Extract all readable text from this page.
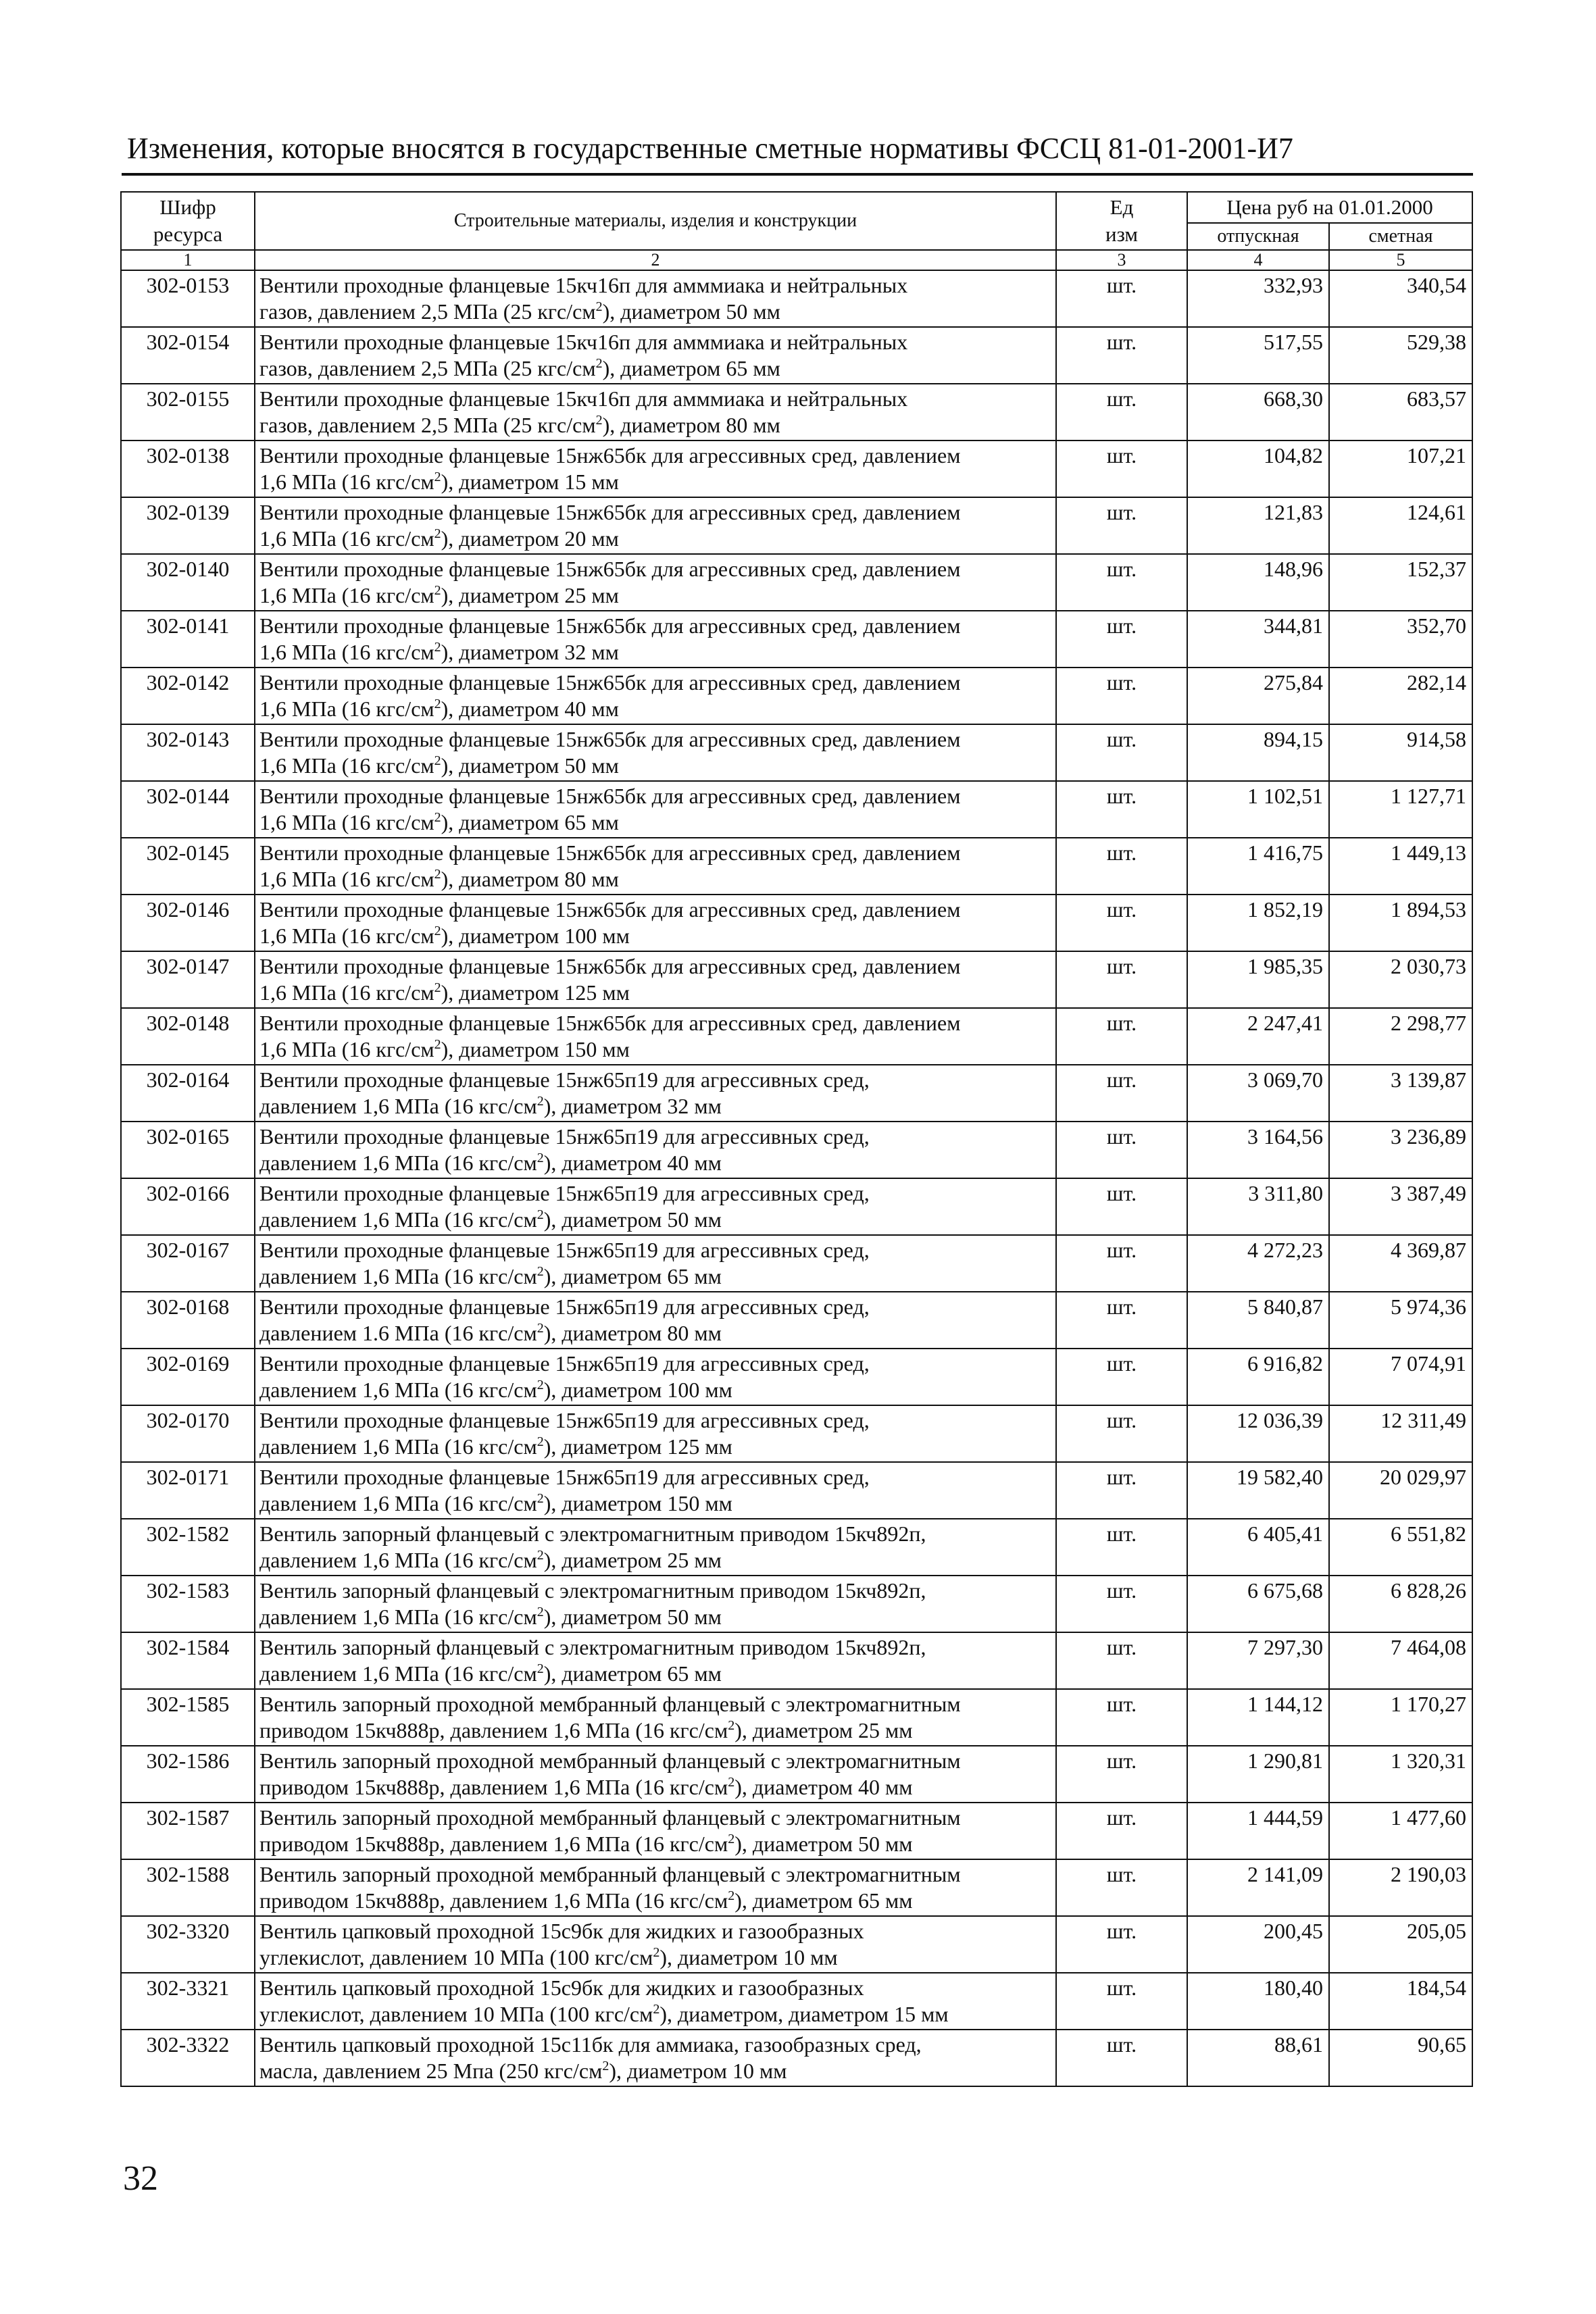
Изменения, которые вносятся в государственные сметные нормативы ФССЦ 81-01-2001-И7
Шифр
ресурса	Строительные материалы, изделия и конструкции	Ед
изм	Цена руб на 01.01.2000	
			отпускная	сметная
1	2	3	4	5
302-0153	Вентили проходные фланцевые 15кч16п для амммиака и нейтральных
газов, давлением 2,5 МПа (25 кгс/$см^2$), диаметром 50 мм	шт.	332,93	340,54
302-0154	Вентили проходные фланцевые 15кч16п для амммиака и нейтральных
газов, давлением 2,5 МПа (25 кгс/$см^2$), диаметром 65 мм	шт.	517,55	529,38
302-0155	Вентили проходные фланцевые 15кч16п для амммиака и нейтральных
газов, давлением 2,5 МПа (25 кгс/$см^2$), диаметром 80 мм	шт.	668,30	683,57
302-0138	Вентили проходные фланцевые 15нж65бк для агрессивных сред, давлением
1,6 МПа (16 кгс/$см^2$), диаметром 15 мм	шт.	104,82	107,21
302-0139	Вентили проходные фланцевые 15нж65бк для агрессивных сред, давлением
1,6 МПа (16 кгс/$см^2$), диаметром 20 мм	шт.	121,83	124,61
302-0140	Вентили проходные фланцевые 15нж65бк для агрессивных сред, давлением
1,6 МПа (16 кгс/$см^2$), диаметром 25 мм	шт.	148,96	152,37
302-0141	Вентили проходные фланцевые 15нж65бк для агрессивных сред, давлением
1,6 МПа (16 кгс/$см^2$), диаметром 32 мм	шт.	344,81	352,70
302-0142	Вентили проходные фланцевые 15нж65бк для агрессивных сред, давлением
1,6 МПа (16 кгс/$см^2$), диаметром 40 мм	шт.	275,84	282,14
302-0143	Вентили проходные фланцевые 15нж65бк для агрессивных сред, давлением
1,6 МПа (16 кгс/$см^2$), диаметром 50 мм	шт.	894,15	914,58
302-0144	Вентили проходные фланцевые 15нж65бк для агрессивных сред, давлением
1,6 МПа (16 кгс/$см^2$), диаметром 65 мм	шт.	1 102,51	1 127,71
302-0145	Вентили проходные фланцевые 15нж65бк для агрессивных сред, давлением
1,6 МПа (16 кгс/$см^2$), диаметром 80 мм	шт.	1 416,75	1 449,13
302-0146	Вентили проходные фланцевые 15нж65бк для агрессивных сред, давлением
1,6 МПа (16 кгс/$см^2$), диаметром 100 мм	шт.	1 852,19	1 894,53
302-0147	Вентили проходные фланцевые 15нж65бк для агрессивных сред, давлением
1,6 МПа (16 кгс/$см^2$), диаметром 125 мм	шт.	1 985,35	2 030,73
302-0148	Вентили проходные фланцевые 15нж65бк для агрессивных сред, давлением
1,6 МПа (16 кгс/$см^2$), диаметром 150 мм	шт.	2 247,41	2 298,77
302-0164	Вентили проходные фланцевые 15нж65п19 для агрессивных сред,
давлением 1,6 МПа (16 кгс/$см^2$), диаметром 32 мм	шт.	3 069,70	3 139,87
302-0165	Вентили проходные фланцевые 15нж65п19 для агрессивных сред,
давлением 1,6 МПа (16 кгс/$см^2$), диаметром 40 мм	шт.	3 164,56	3 236,89
302-0166	Вентили проходные фланцевые 15нж65п19 для агрессивных сред,
давлением 1,6 МПа (16 кгс/$см^2$), диаметром 50 мм	шт.	3 311,80	3 387,49
302-0167	Вентили проходные фланцевые 15нж65п19 для агрессивных сред,
давлением 1,6 МПа (16 кгс/$см^2$), диаметром 65 мм	шт.	4 272,23	4 369,87
302-0168	Вентили проходные фланцевые 15нж65п19 для агрессивных сред,
давлением 1.6 МПа (16 кгс/$см^2$), диаметром 80 мм	шт.	5 840,87	5 974,36
302-0169	Вентили проходные фланцевые 15нж65п19 для агрессивных сред,
давлением 1,6 МПа (16 кгс/$см^2$), диаметром 100 мм	шт.	6 916,82	7 074,91
302-0170	Вентили проходные фланцевые 15нж65п19 для агрессивных сред,
давлением 1,6 МПа (16 кгс/$см^2$), диаметром 125 мм	шт.	12 036,39	12 311,49
302-0171	Вентили проходные фланцевые 15нж65п19 для агрессивных сред,
давлением 1,6 МПа (16 кгс/$см^2$), диаметром 150 мм	шт.	19 582,40	20 029,97
302-1582	Вентиль запорный фланцевый с электромагнитным приводом 15кч892п,
давлением 1,6 МПа (16 кгс/$см^2$), диаметром 25 мм	шт.	6 405,41	6 551,82
302-1583	Вентиль запорный фланцевый с электромагнитным приводом 15кч892п,
давлением 1,6 МПа (16 кгс/$см^2$), диаметром 50 мм	шт.	6 675,68	6 828,26
302-1584	Вентиль запорный фланцевый с электромагнитным приводом 15кч892п,
давлением 1,6 МПа (16 кгс/$см^2$), диаметром 65 мм	шт.	7 297,30	7 464,08
302-1585	Вентиль запорный проходной мембранный фланцевый с электромагнитным
приводом 15кч888р, давлением 1,6 МПа (16 кгс/$см^2$), диаметром 25 мм	шт.	1 144,12	1 170,27
302-1586	Вентиль запорный проходной мембранный фланцевый с электромагнитным
приводом 15кч888р, давлением 1,6 МПа (16 кгс/$см^2$), диаметром 40 мм	шт.	1 290,81	1 320,31
302-1587	Вентиль запорный проходной мембранный фланцевый с электромагнитным
приводом 15кч888р, давлением 1,6 МПа (16 кгс/$см^2$), диаметром 50 мм	шт.	1 444,59	1 477,60
302-1588	Вентиль запорный проходной мембранный фланцевый с электромагнитным
приводом 15кч888р, давлением 1,6 МПа (16 кгс/$см^2$), диаметром 65 мм	шт.	2 141,09	2 190,03
302-3320	Вентиль цапковый проходной 15с9бк для жидких и газообразных
углекислот, давлением 10 МПа (100 кгс/$см^2$), диаметром 10 мм	шт.	200,45	205,05
302-3321	Вентиль цапковый проходной 15с9бк для жидких и газообразных
углекислот, давлением 10 МПа (100 кгс/$см^2$), диаметром, диаметром 15 мм	шт.	180,40	184,54
302-3322	Вентиль цапковый проходной 15с11бк для аммиака, газообразных сред,
масла, давлением 25 Мпа (250 кгс/$см^2$), диаметром 10 мм	шт.	88,61	90,65
32
